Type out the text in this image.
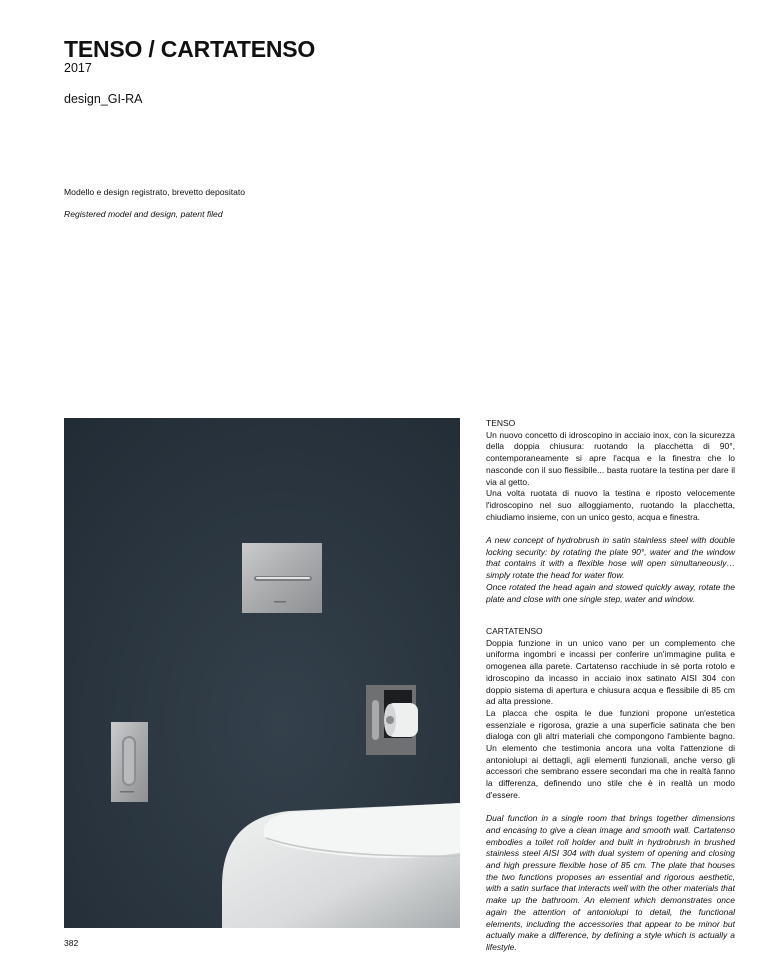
TENSO / CARTATENSO
2017
design_GI-RA
Modello e design registrato, brevetto depositato
Registered model and design, patent filed

TENSO

Un nuovo concetto di idroscopino in acciaio inox, con la sicurezza della doppia chiusura: ruotando la placchetta di 90°, contemporaneamente si apre l'acqua e la finestra che lo nasconde con il suo flessibile... basta ruotare la testina per dare il via al getto.

Una volta ruotata di nuovo la testina e riposto velocemente l'idroscopino nel suo alloggiamento, ruotando la placchetta, chiudiamo insieme, con un unico gesto, acqua e finestra.

A new concept of hydrobrush in satin stainless steel with double locking security: by rotating the plate 90°, water and the window that contains it with a flexible hose will open simultaneously… simply rotate the head for water flow.

Once rotated the head again and stowed quickly away, rotate the plate and close with one single step, water and window.

CARTATENSO

Doppia funzione in un unico vano per un complemento che uniforma ingombri e incassi per conferire un'immagine pulita e omogenea alla parete. Cartatenso racchiude in sè porta rotolo e idroscopino da incasso in acciaio inox satinato AISI 304 con doppio sistema di apertura e chiusura acqua e flessibile di 85 cm ad alta pressione.

La placca che ospita le due funzioni propone un'estetica essenziale e rigorosa, grazie a una superficie satinata che ben dialoga con gli altri materiali che compongono l'ambiente bagno. Un elemento che testimonia ancora una volta l'attenzione di antoniolupi ai dettagli, agli elementi funzionali, anche verso gli accessori che sembrano essere secondari ma che in realtà fanno la differenza, definendo uno stile che è in realtà un modo d'essere.

Dual function in a single room that brings together dimensions and encasing to give a clean image and smooth wall. Cartatenso embodies a toilet roll holder and built in hydrobrush in brushed stainless steel AISI 304 with dual system of opening and closing and high pressure flexible hose of 85 cm. The plate that houses the two functions proposes an essential and rigorous aesthetic, with a satin surface that interacts well with the other materials that make up the bathroom. An element which demonstrates once again the attention of antoniolupi to detail, the functional elements, including the accessories that appear to be minor but actually make a difference, by defining a style which is actually a lifestyle.

382
